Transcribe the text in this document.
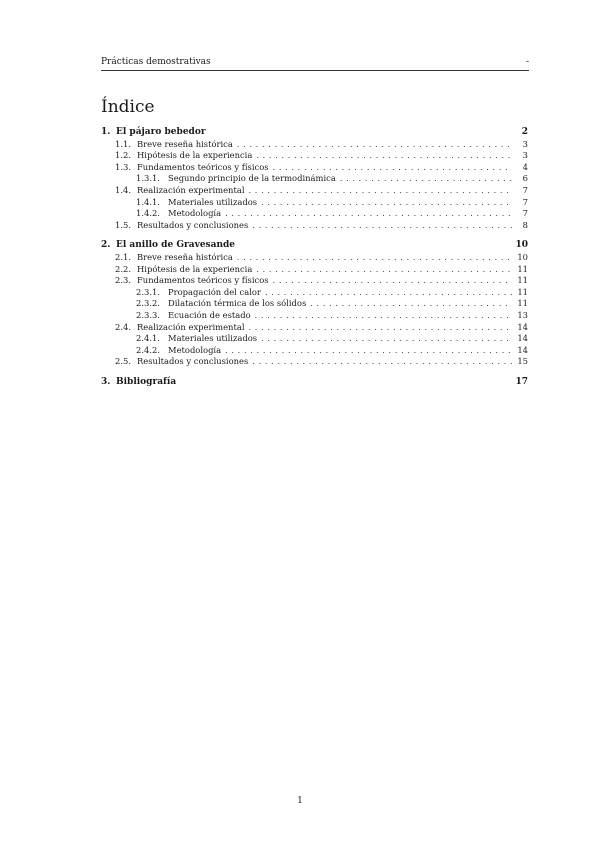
Prácticas demostrativas	-
Índice
1. El pájaro bebedor	2
1.1. Breve reseña histórica . . .	3
1.2. Hipótesis de la experiencia . . .	3
1.3. Fundamentos teóricos y físicos . . .	4
1.3.1. Segundo principio de la termodinámica . . .	6
1.4. Realización experimental . . .	7
1.4.1. Materiales utilizados . . .	7
1.4.2. Metodología . . .	7
1.5. Resultados y conclusiones . . .	8
2. El anillo de Gravesande	10
2.1. Breve reseña histórica . . .	10
2.2. Hipótesis de la experiencia . . .	11
2.3. Fundamentos teóricos y físicos . . .	11
2.3.1. Propagación del calor . . .	11
2.3.2. Dilatación térmica de los sólidos . . .	11
2.3.3. Ecuación de estado . . .	13
2.4. Realización experimental . . .	14
2.4.1. Materiales utilizados . . .	14
2.4.2. Metodología . . .	14
2.5. Resultados y conclusiones . . .	15
3. Bibliografía	17
1
